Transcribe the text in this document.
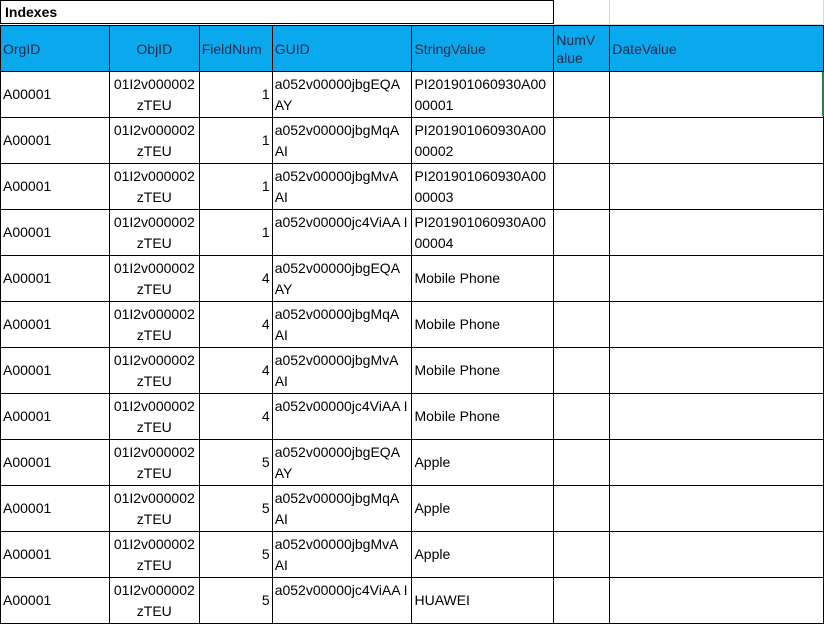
Indexes
OrgID	ObjID	FieldNum	GUID	StringValue	NumV alue	DateValue
A00001	01I2v000002 zTEU	1	a052v00000jbgEQA AY	PI201901060930A00 00001		
A00001	01I2v000002 zTEU	1	a052v00000jbgMqA AI	PI201901060930A00 00002		
A00001	01I2v000002 zTEU	1	a052v00000jbgMvA AI	PI201901060930A00 00003		
A00001	01I2v000002 zTEU	1	a052v00000jc4ViAA I	PI201901060930A00 00004		
A00001	01I2v000002 zTEU	4	a052v00000jbgEQA AY	Mobile Phone		
A00001	01I2v000002 zTEU	4	a052v00000jbgMqA AI	Mobile Phone		
A00001	01I2v000002 zTEU	4	a052v00000jbgMvA AI	Mobile Phone		
A00001	01I2v000002 zTEU	4	a052v00000jc4ViAA I	Mobile Phone		
A00001	01I2v000002 zTEU	5	a052v00000jbgEQA AY	Apple		
A00001	01I2v000002 zTEU	5	a052v00000jbgMqA AI	Apple		
A00001	01I2v000002 zTEU	5	a052v00000jbgMvA AI	Apple		
A00001	01I2v000002 zTEU	5	a052v00000jc4ViAA I	HUAWEI		
